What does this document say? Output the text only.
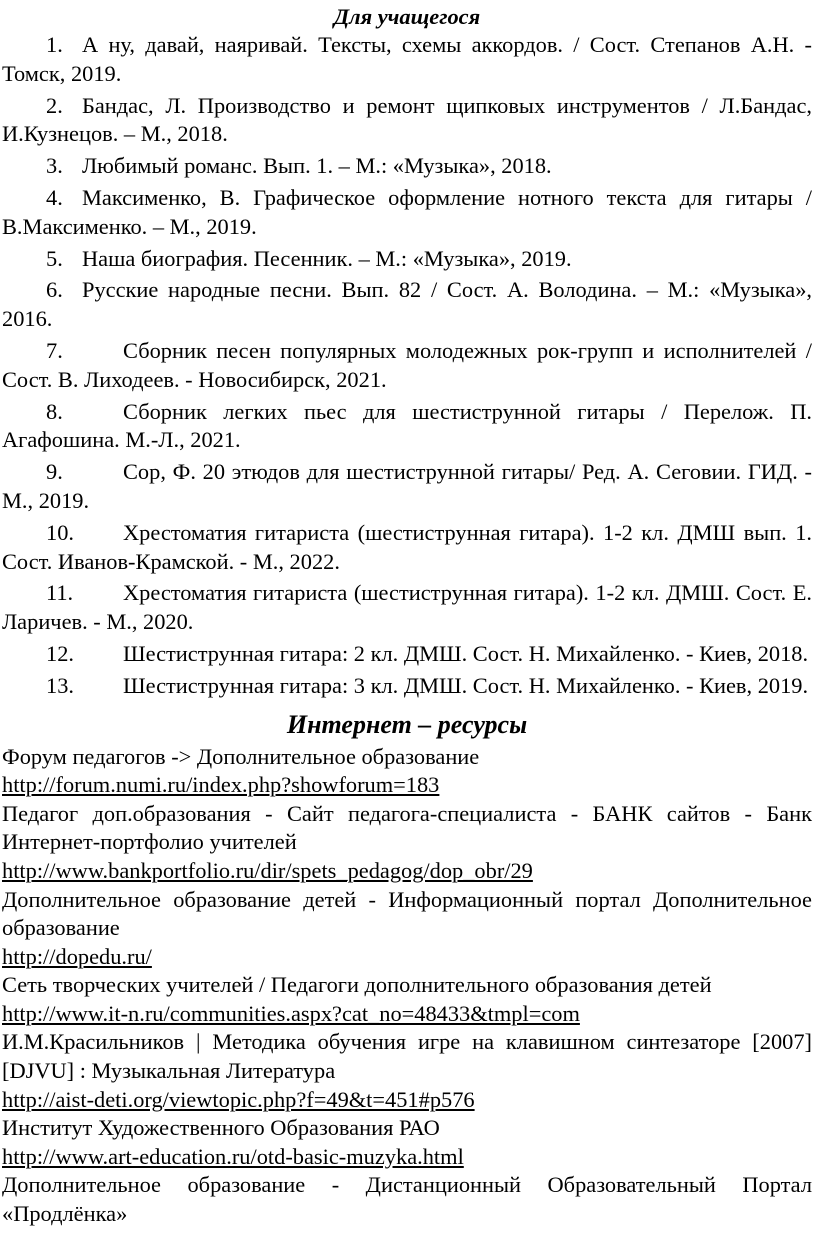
Для учащегося

1. А ну, давай, наяривай. Тексты, схемы аккордов. / Сост. Степанов А.Н. - Томск, 2019.

2. Бандас, Л. Производство и ремонт щипковых инструментов / Л.Бандас, И.Кузнецов. – М., 2018.

3. Любимый романс. Вып. 1. – М.: «Музыка», 2018.

4. Максименко, В. Графическое оформление нотного текста для гитары / В.Максименко. – М., 2019.

5. Наша биография. Песенник. – М.: «Музыка», 2019.

6. Русские народные песни. Вып. 82 / Сост. А. Володина. – М.: «Музыка», 2016.

7.	Сборник песен популярных молодежных рок-групп и исполнителей / Сост. В. Лиходеев. - Новосибирск, 2021.

8.	Сборник легких пьес для шестиструнной гитары / Перелож. П. Агафошина. М.-Л., 2021.

9.	Сор, Ф. 20 этюдов для шестиструнной гитары/ Ред. А. Сеговии. ГИД. - М., 2019.

10. Хрестоматия гитариста (шестиструнная гитара). 1-2 кл. ДМШ вып. 1. Сост. Иванов-Крамской. - М., 2022.

11. Хрестоматия гитариста (шестиструнная гитара). 1-2 кл. ДМШ. Сост. Е. Ларичев. - М., 2020.

12. Шестиструнная гитара: 2 кл. ДМШ. Сост. Н. Михайленко. - Киев, 2018.

13. Шестиструнная гитара: 3 кл. ДМШ. Сост. Н. Михайленко. - Киев, 2019.

Интернет – ресурсы

Форум педагогов -> Дополнительное образование

http://forum.numi.ru/index.php?showforum=183

Педагог доп.образования - Сайт педагога-специалиста - БАНК сайтов - Банк Интернет-портфолио учителей

http://www.bankportfolio.ru/dir/spets_pedagog/dop_obr/29

Дополнительное образование детей - Информационный портал Дополнительное образование

http://dopedu.ru/

Сеть творческих учителей / Педагоги дополнительного образования детей

http://www.it-n.ru/communities.aspx?cat_no=48433&tmpl=com

И.М.Красильников | Методика обучения игре на клавишном синтезаторе [2007] [DJVU] : Музыкальная Литература

http://aist-deti.org/viewtopic.php?f=49&t=451#p576

Институт Художественного Образования РАО

http://www.art-education.ru/otd-basic-muzyka.html

Дополнительное образование - Дистанционный Образовательный Портал «Продлёнка»
